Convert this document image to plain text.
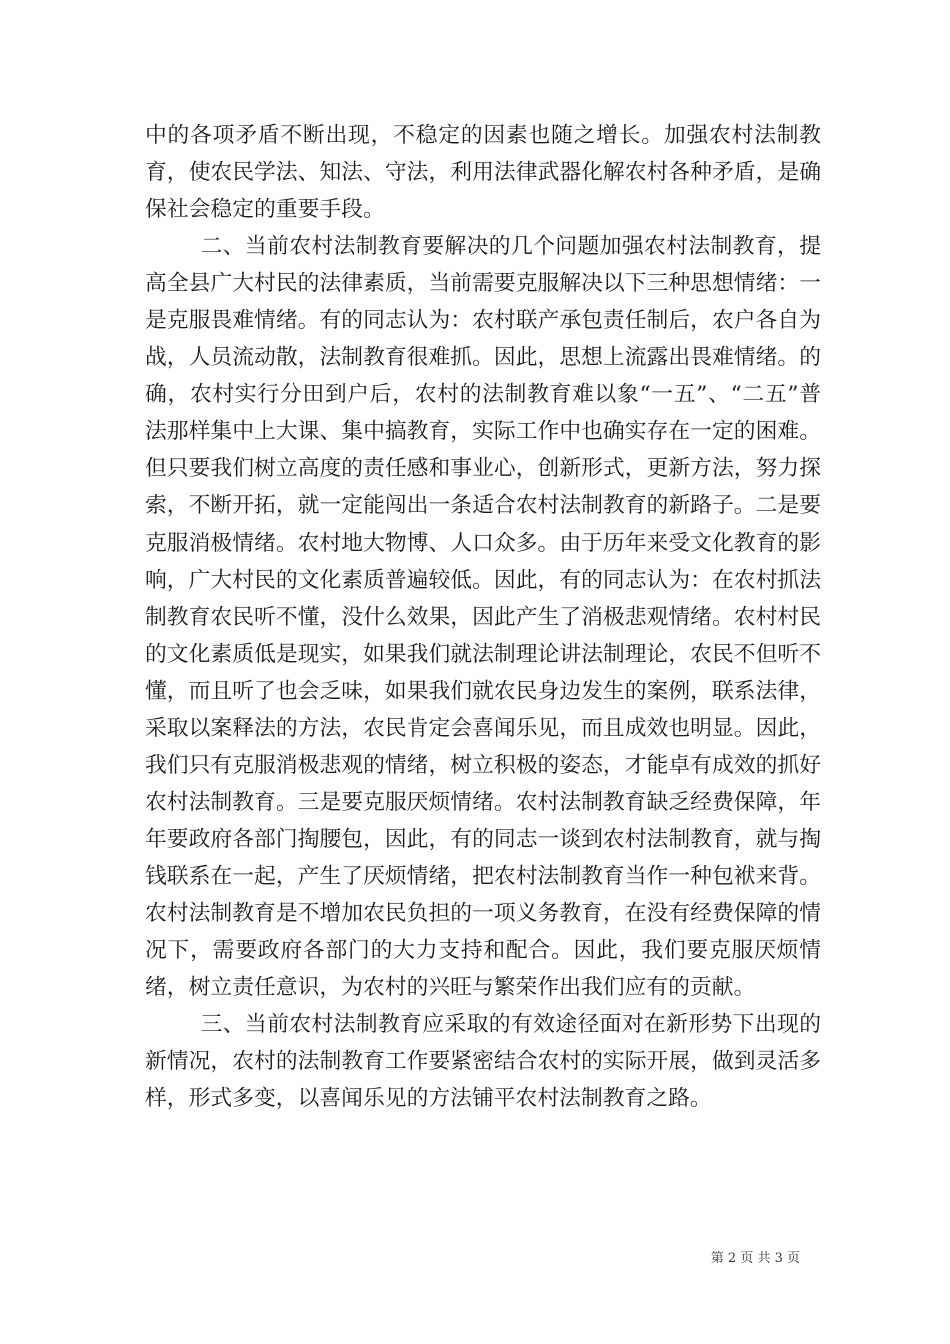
中的各项矛盾不断出现，不稳定的因素也随之增长。加强农村法制教育，使农民学法、知法、守法，利用法律武器化解农村各种矛盾，是确保社会稳定的重要手段。

二、当前农村法制教育要解决的几个问题加强农村法制教育，提高全县广大村民的法律素质，当前需要克服解决以下三种思想情绪：一是克服畏难情绪。有的同志认为：农村联产承包责任制后，农户各自为战，人员流动散，法制教育很难抓。因此，思想上流露出畏难情绪。的确，农村实行分田到户后，农村的法制教育难以象“一五”、“二五”普法那样集中上大课、集中搞教育，实际工作中也确实存在一定的困难。但只要我们树立高度的责任感和事业心，创新形式，更新方法，努力探索，不断开拓，就一定能闯出一条适合农村法制教育的新路子。二是要克服消极情绪。农村地大物博、人口众多。由于历年来受文化教育的影响，广大村民的文化素质普遍较低。因此，有的同志认为：在农村抓法制教育农民听不懂，没什么效果，因此产生了消极悲观情绪。农村村民的文化素质低是现实，如果我们就法制理论讲法制理论，农民不但听不懂，而且听了也会乏味，如果我们就农民身边发生的案例，联系法律，采取以案释法的方法，农民肯定会喜闻乐见，而且成效也明显。因此，我们只有克服消极悲观的情绪，树立积极的姿态，才能卓有成效的抓好农村法制教育。三是要克服厌烦情绪。农村法制教育缺乏经费保障，年年要政府各部门掏腰包，因此，有的同志一谈到农村法制教育，就与掏钱联系在一起，产生了厌烦情绪，把农村法制教育当作一种包袱来背。农村法制教育是不增加农民负担的一项义务教育，在没有经费保障的情况下，需要政府各部门的大力支持和配合。因此，我们要克服厌烦情绪，树立责任意识，为农村的兴旺与繁荣作出我们应有的贡献。

三、当前农村法制教育应采取的有效途径面对在新形势下出现的新情况，农村的法制教育工作要紧密结合农村的实际开展，做到灵活多样，形式多变，以喜闻乐见的方法铺平农村法制教育之路。

第 2 页 共 3 页
